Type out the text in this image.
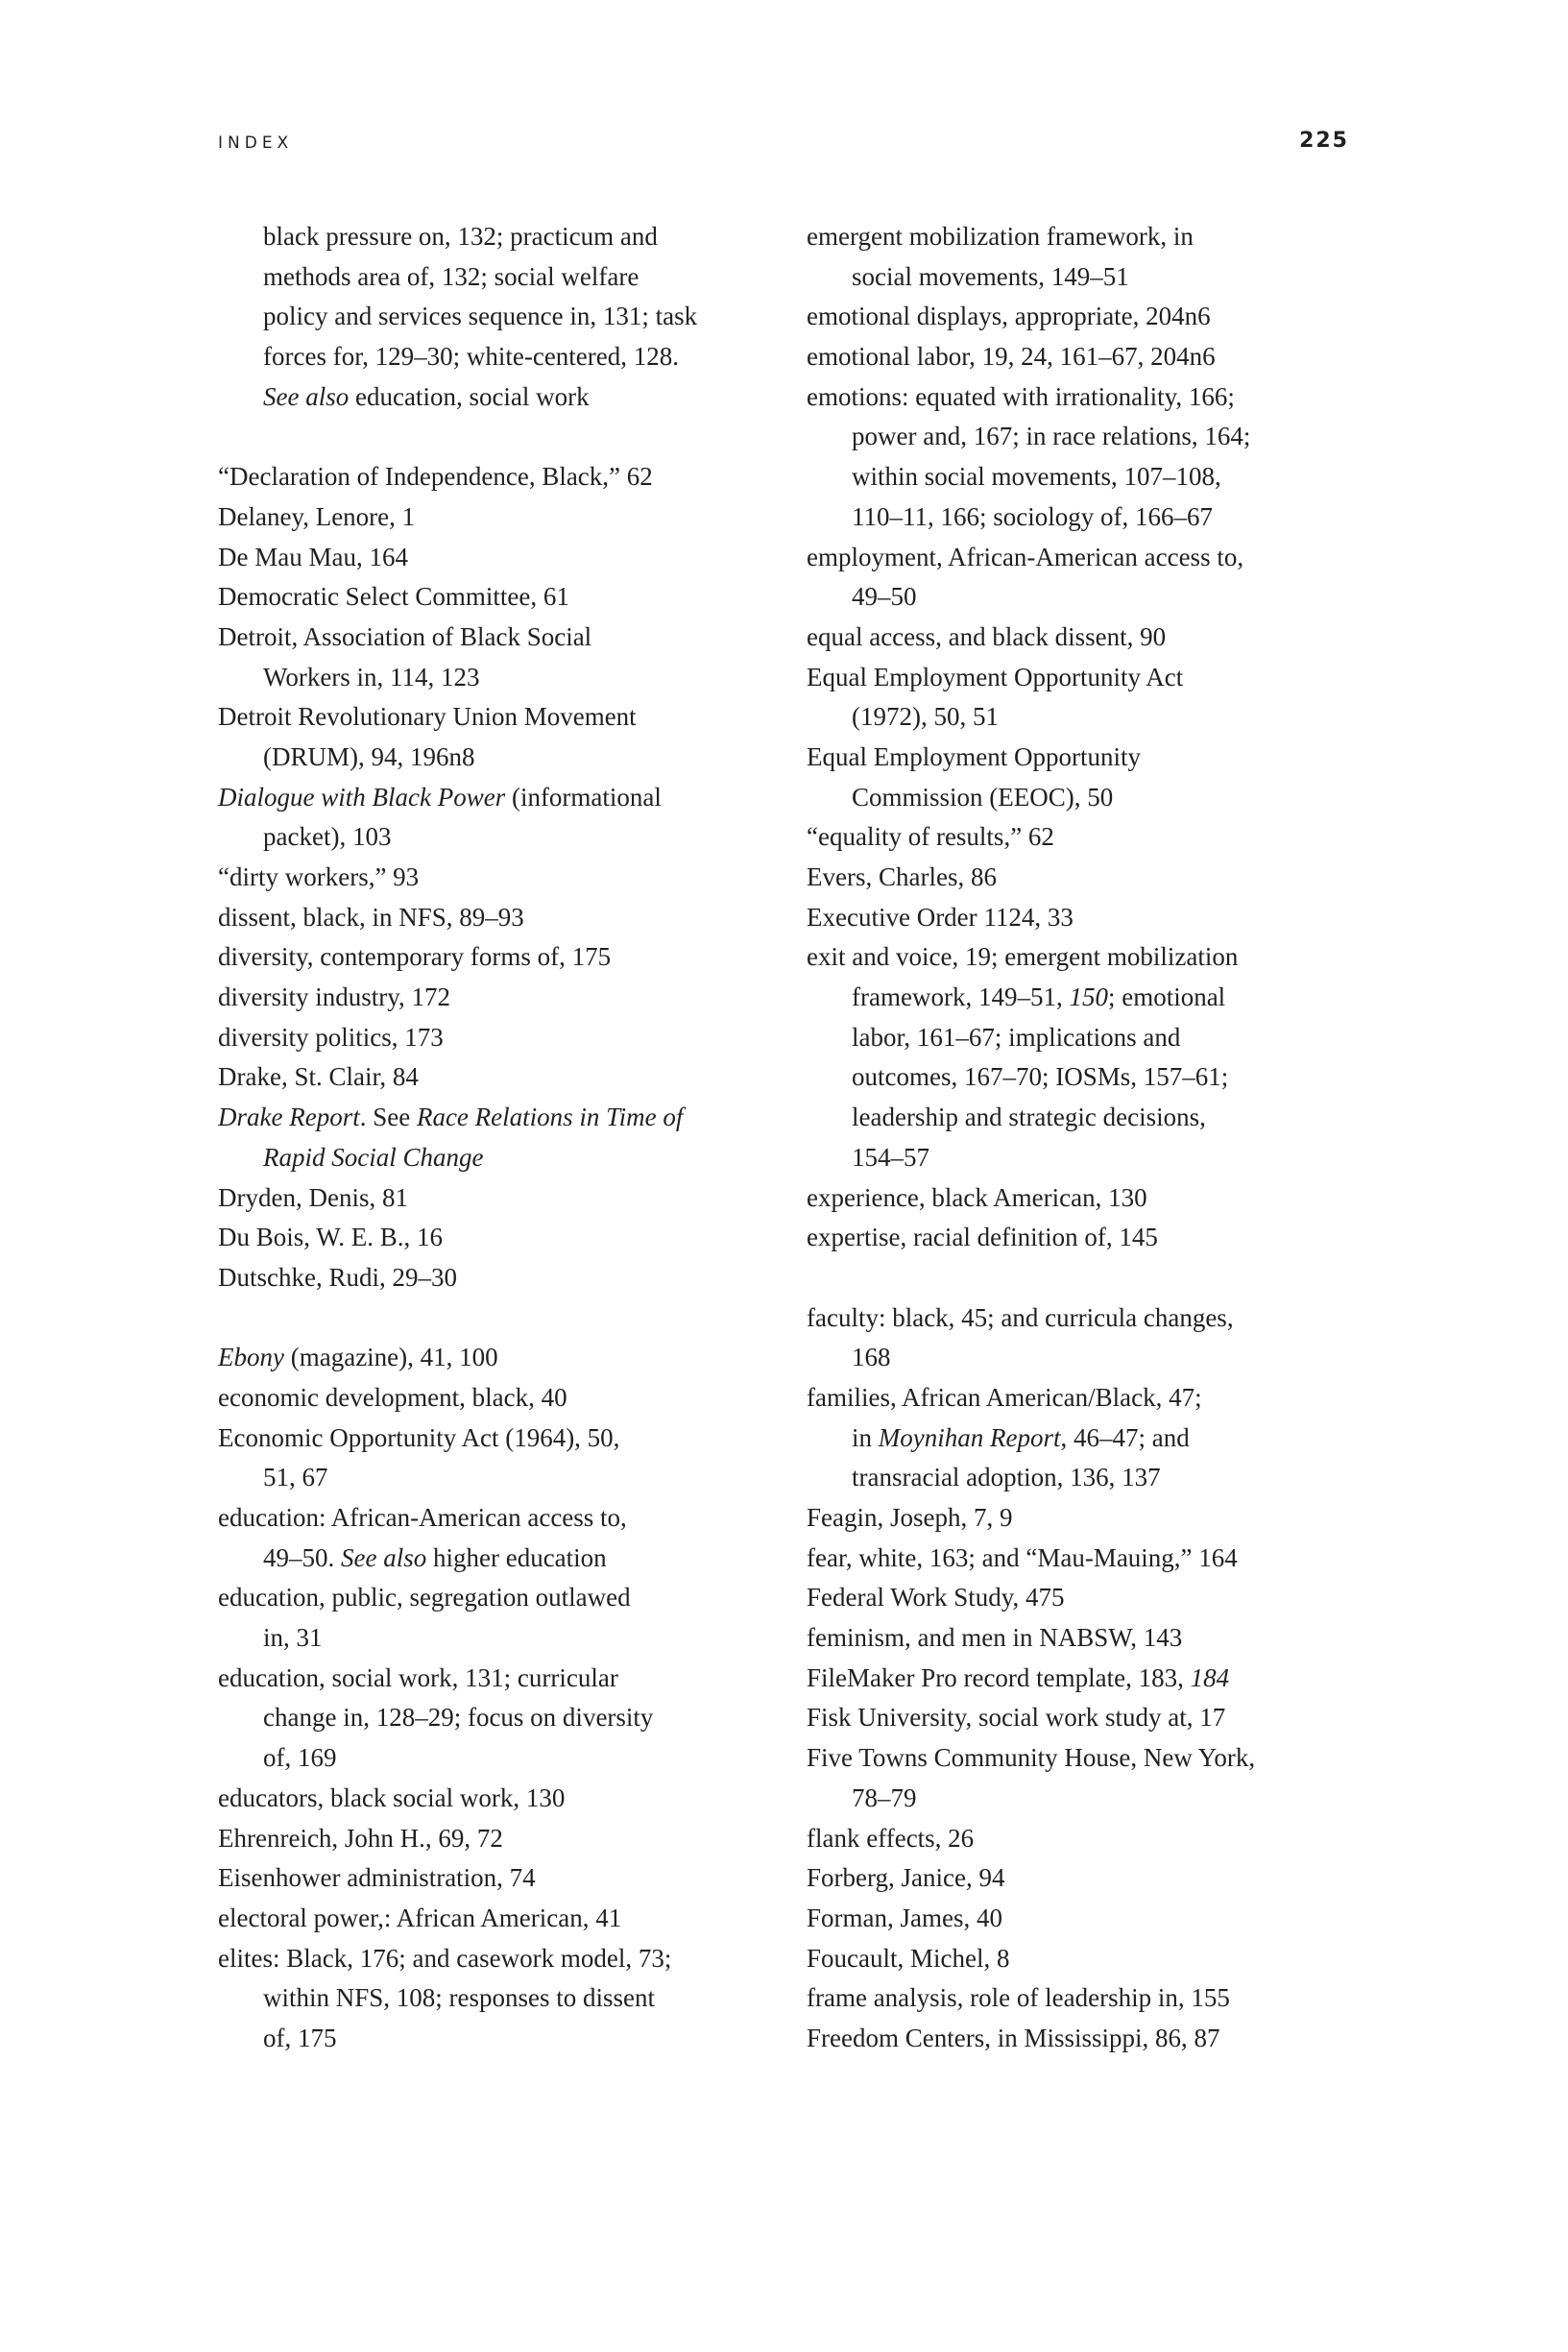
INDEX	225
black pressure on, 132; practicum and
methods area of, 132; social welfare
policy and services sequence in, 131; task
forces for, 129–30; white-centered, 128.
See also education, social work
“Declaration of Independence, Black,” 62
Delaney, Lenore, 1
De Mau Mau, 164
Democratic Select Committee, 61
Detroit, Association of Black Social
Workers in, 114, 123
Detroit Revolutionary Union Movement
(DRUM), 94, 196n8
Dialogue with Black Power (informational
packet), 103
“dirty workers,” 93
dissent, black, in NFS, 89–93
diversity, contemporary forms of, 175
diversity industry, 172
diversity politics, 173
Drake, St. Clair, 84
Drake Report. See Race Relations in Time of
Rapid Social Change
Dryden, Denis, 81
Du Bois, W. E. B., 16
Dutschke, Rudi, 29–30
Ebony (magazine), 41, 100
economic development, black, 40
Economic Opportunity Act (1964), 50,
51, 67
education: African-American access to,
49–50. See also higher education
education, public, segregation outlawed
in, 31
education, social work, 131; curricular
change in, 128–29; focus on diversity
of, 169
educators, black social work, 130
Ehrenreich, John H., 69, 72
Eisenhower administration, 74
electoral power,: African American, 41
elites: Black, 176; and casework model, 73;
within NFS, 108; responses to dissent
of, 175
emergent mobilization framework, in
social movements, 149–51
emotional displays, appropriate, 204n6
emotional labor, 19, 24, 161–67, 204n6
emotions: equated with irrationality, 166;
power and, 167; in race relations, 164;
within social movements, 107–108,
110–11, 166; sociology of, 166–67
employment, African-American access to,
49–50
equal access, and black dissent, 90
Equal Employment Opportunity Act
(1972), 50, 51
Equal Employment Opportunity
Commission (EEOC), 50
“equality of results,” 62
Evers, Charles, 86
Executive Order 1124, 33
exit and voice, 19; emergent mobilization
framework, 149–51, 150; emotional
labor, 161–67; implications and
outcomes, 167–70; IOSMs, 157–61;
leadership and strategic decisions,
154–57
experience, black American, 130
expertise, racial definition of, 145
faculty: black, 45; and curricula changes,
168
families, African American/Black, 47;
in Moynihan Report, 46–47; and
transracial adoption, 136, 137
Feagin, Joseph, 7, 9
fear, white, 163; and “Mau-Mauing,” 164
Federal Work Study, 475
feminism, and men in NABSW, 143
FileMaker Pro record template, 183, 184
Fisk University, social work study at, 17
Five Towns Community House, New York,
78–79
flank effects, 26
Forberg, Janice, 94
Forman, James, 40
Foucault, Michel, 8
frame analysis, role of leadership in, 155
Freedom Centers, in Mississippi, 86, 87
